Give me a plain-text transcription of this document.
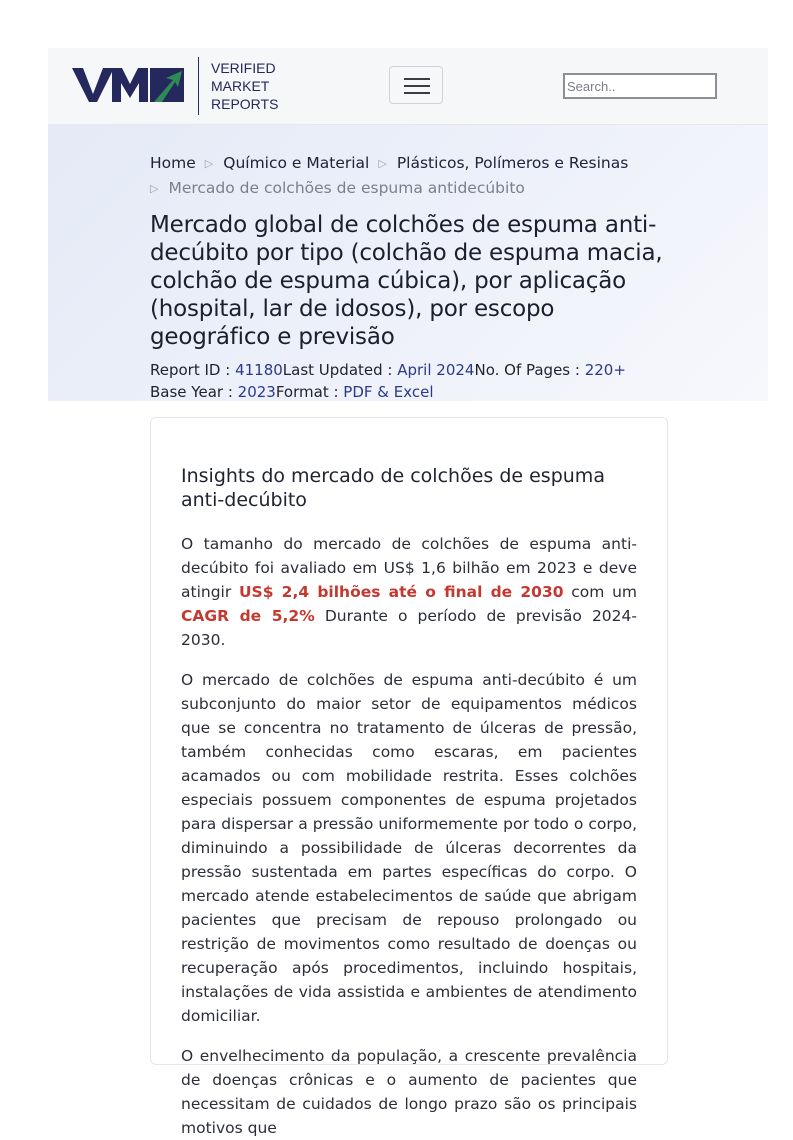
VERIFIED
MARKET
REPORTS
Search..
Home ▷ Químico e Material ▷ Plásticos, Polímeros e Resinas
▷ Mercado de colchões de espuma antidecúbito
Mercado global de colchões de espuma anti-decúbito por tipo (colchão de espuma macia, colchão de espuma cúbica), por aplicação (hospital, lar de idosos), por escopo geográfico e previsão
Report ID : 41180Last Updated : April 2024No. Of Pages : 220+
Base Year : 2023Format : PDF & Excel
Insights do mercado de colchões de espuma anti-decúbito

O tamanho do mercado de colchões de espuma anti-decúbito foi avaliado em US$ 1,6 bilhão em 2023 e deve atingir US$ 2,4 bilhões até o final de 2030 com um CAGR de 5,2% Durante o período de previsão 2024-2030.

O mercado de colchões de espuma anti-decúbito é um subconjunto do maior setor de equipamentos médicos que se concentra no tratamento de úlceras de pressão, também conhecidas como escaras, em pacientes acamados ou com mobilidade restrita. Esses colchões especiais possuem componentes de espuma projetados para dispersar a pressão uniformemente por todo o corpo, diminuindo a possibilidade de úlceras decorrentes da pressão sustentada em partes específicas do corpo. O mercado atende estabelecimentos de saúde que abrigam pacientes que precisam de repouso prolongado ou restrição de movimentos como resultado de doenças ou recuperação após procedimentos, incluindo hospitais, instalações de vida assistida e ambientes de atendimento domiciliar.

O envelhecimento da população, a crescente prevalência de doenças crônicas e o aumento de pacientes que necessitam de cuidados de longo prazo são os principais motivos que
